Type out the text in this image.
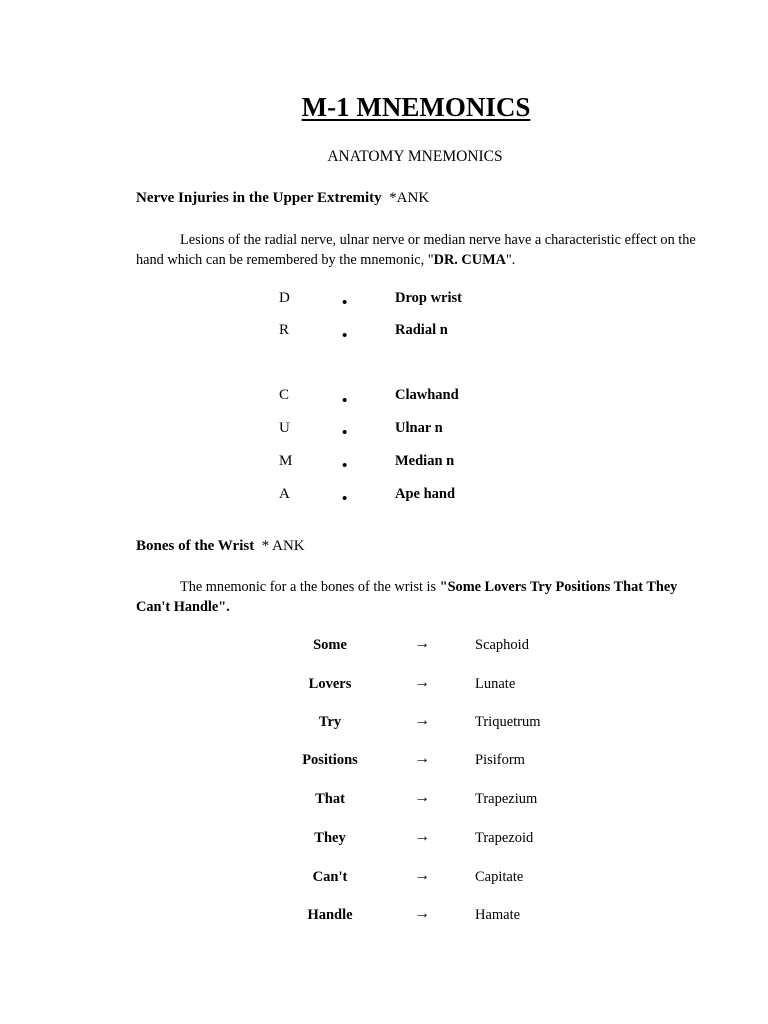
M-1 MNEMONICS
ANATOMY MNEMONICS
Nerve Injuries in the Upper Extremity *ANK
Lesions of the radial nerve, ulnar nerve or median nerve have a characteristic effect on the hand which can be remembered by the mnemonic, "DR. CUMA".
D	•	Drop wrist
R	•	Radial n
C	•	Clawhand
U	•	Ulnar n
M	•	Median n
A	•	Ape hand
Bones of the Wrist * ANK
The mnemonic for a the bones of the wrist is "Some Lovers Try Positions That They Can't Handle".
Some	→	Scaphoid
Lovers	→	Lunate
Try	→	Triquetrum
Positions	→	Pisiform
That	→	Trapezium
They	→	Trapezoid
Can't	→	Capitate
Handle	→	Hamate
